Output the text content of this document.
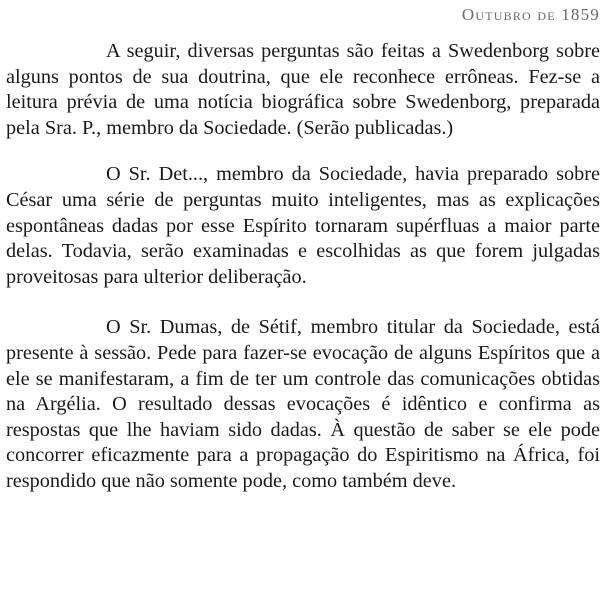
Outubro de 1859

A seguir, diversas perguntas são feitas a Swedenborg sobre alguns pontos de sua doutrina, que ele reconhece errôneas. Fez-se a leitura prévia de uma notícia biográfica sobre Swedenborg, preparada pela Sra. P., membro da Sociedade. (Serão publicadas.)

O Sr. Det..., membro da Sociedade, havia preparado sobre César uma série de perguntas muito inteligentes, mas as explicações espontâneas dadas por esse Espírito tornaram supérfluas a maior parte delas. Todavia, serão examinadas e escolhidas as que forem julgadas proveitosas para ulterior deliberação.

O Sr. Dumas, de Sétif, membro titular da Sociedade, está presente à sessão. Pede para fazer-se evocação de alguns Espíritos que a ele se manifestaram, a fim de ter um controle das comunicações obtidas na Argélia. O resultado dessas evocações é idêntico e confirma as respostas que lhe haviam sido dadas. À questão de saber se ele pode concorrer eficazmente para a propagação do Espiritismo na África, foi respondido que não somente pode, como também deve.
